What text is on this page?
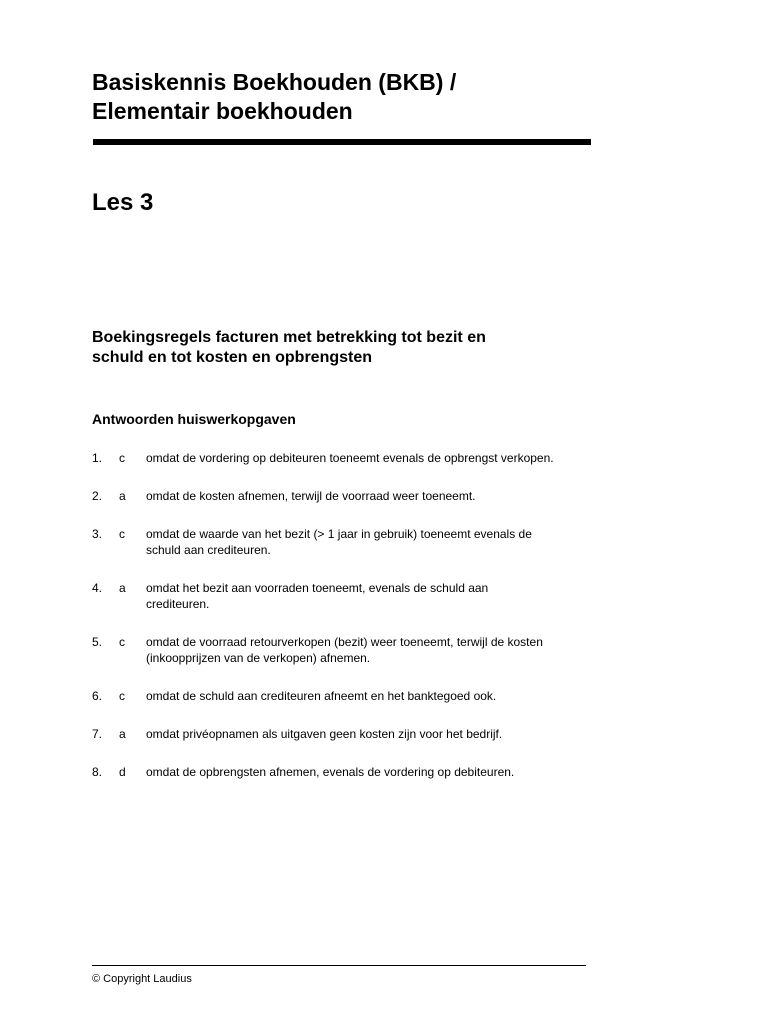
Basiskennis Boekhouden (BKB) /
Elementair boekhouden
Les 3
Boekingsregels facturen met betrekking tot bezit en
schuld en tot kosten en opbrengsten
Antwoorden huiswerkopgaven
1. c omdat de vordering op debiteuren toeneemt evenals de opbrengst verkopen.
2. a omdat de kosten afnemen, terwijl de voorraad weer toeneemt.
3. c omdat de waarde van het bezit (> 1 jaar in gebruik) toeneemt evenals de
schuld aan crediteuren.
4. a omdat het bezit aan voorraden toeneemt, evenals de schuld aan
crediteuren.
5. c omdat de voorraad retourverkopen (bezit) weer toeneemt, terwijl de kosten
(inkoopprijzen van de verkopen) afnemen.
6. c omdat de schuld aan crediteuren afneemt en het banktegoed ook.
7. a omdat privéopnamen als uitgaven geen kosten zijn voor het bedrijf.
8. d omdat de opbrengsten afnemen, evenals de vordering op debiteuren.
© Copyright Laudius
